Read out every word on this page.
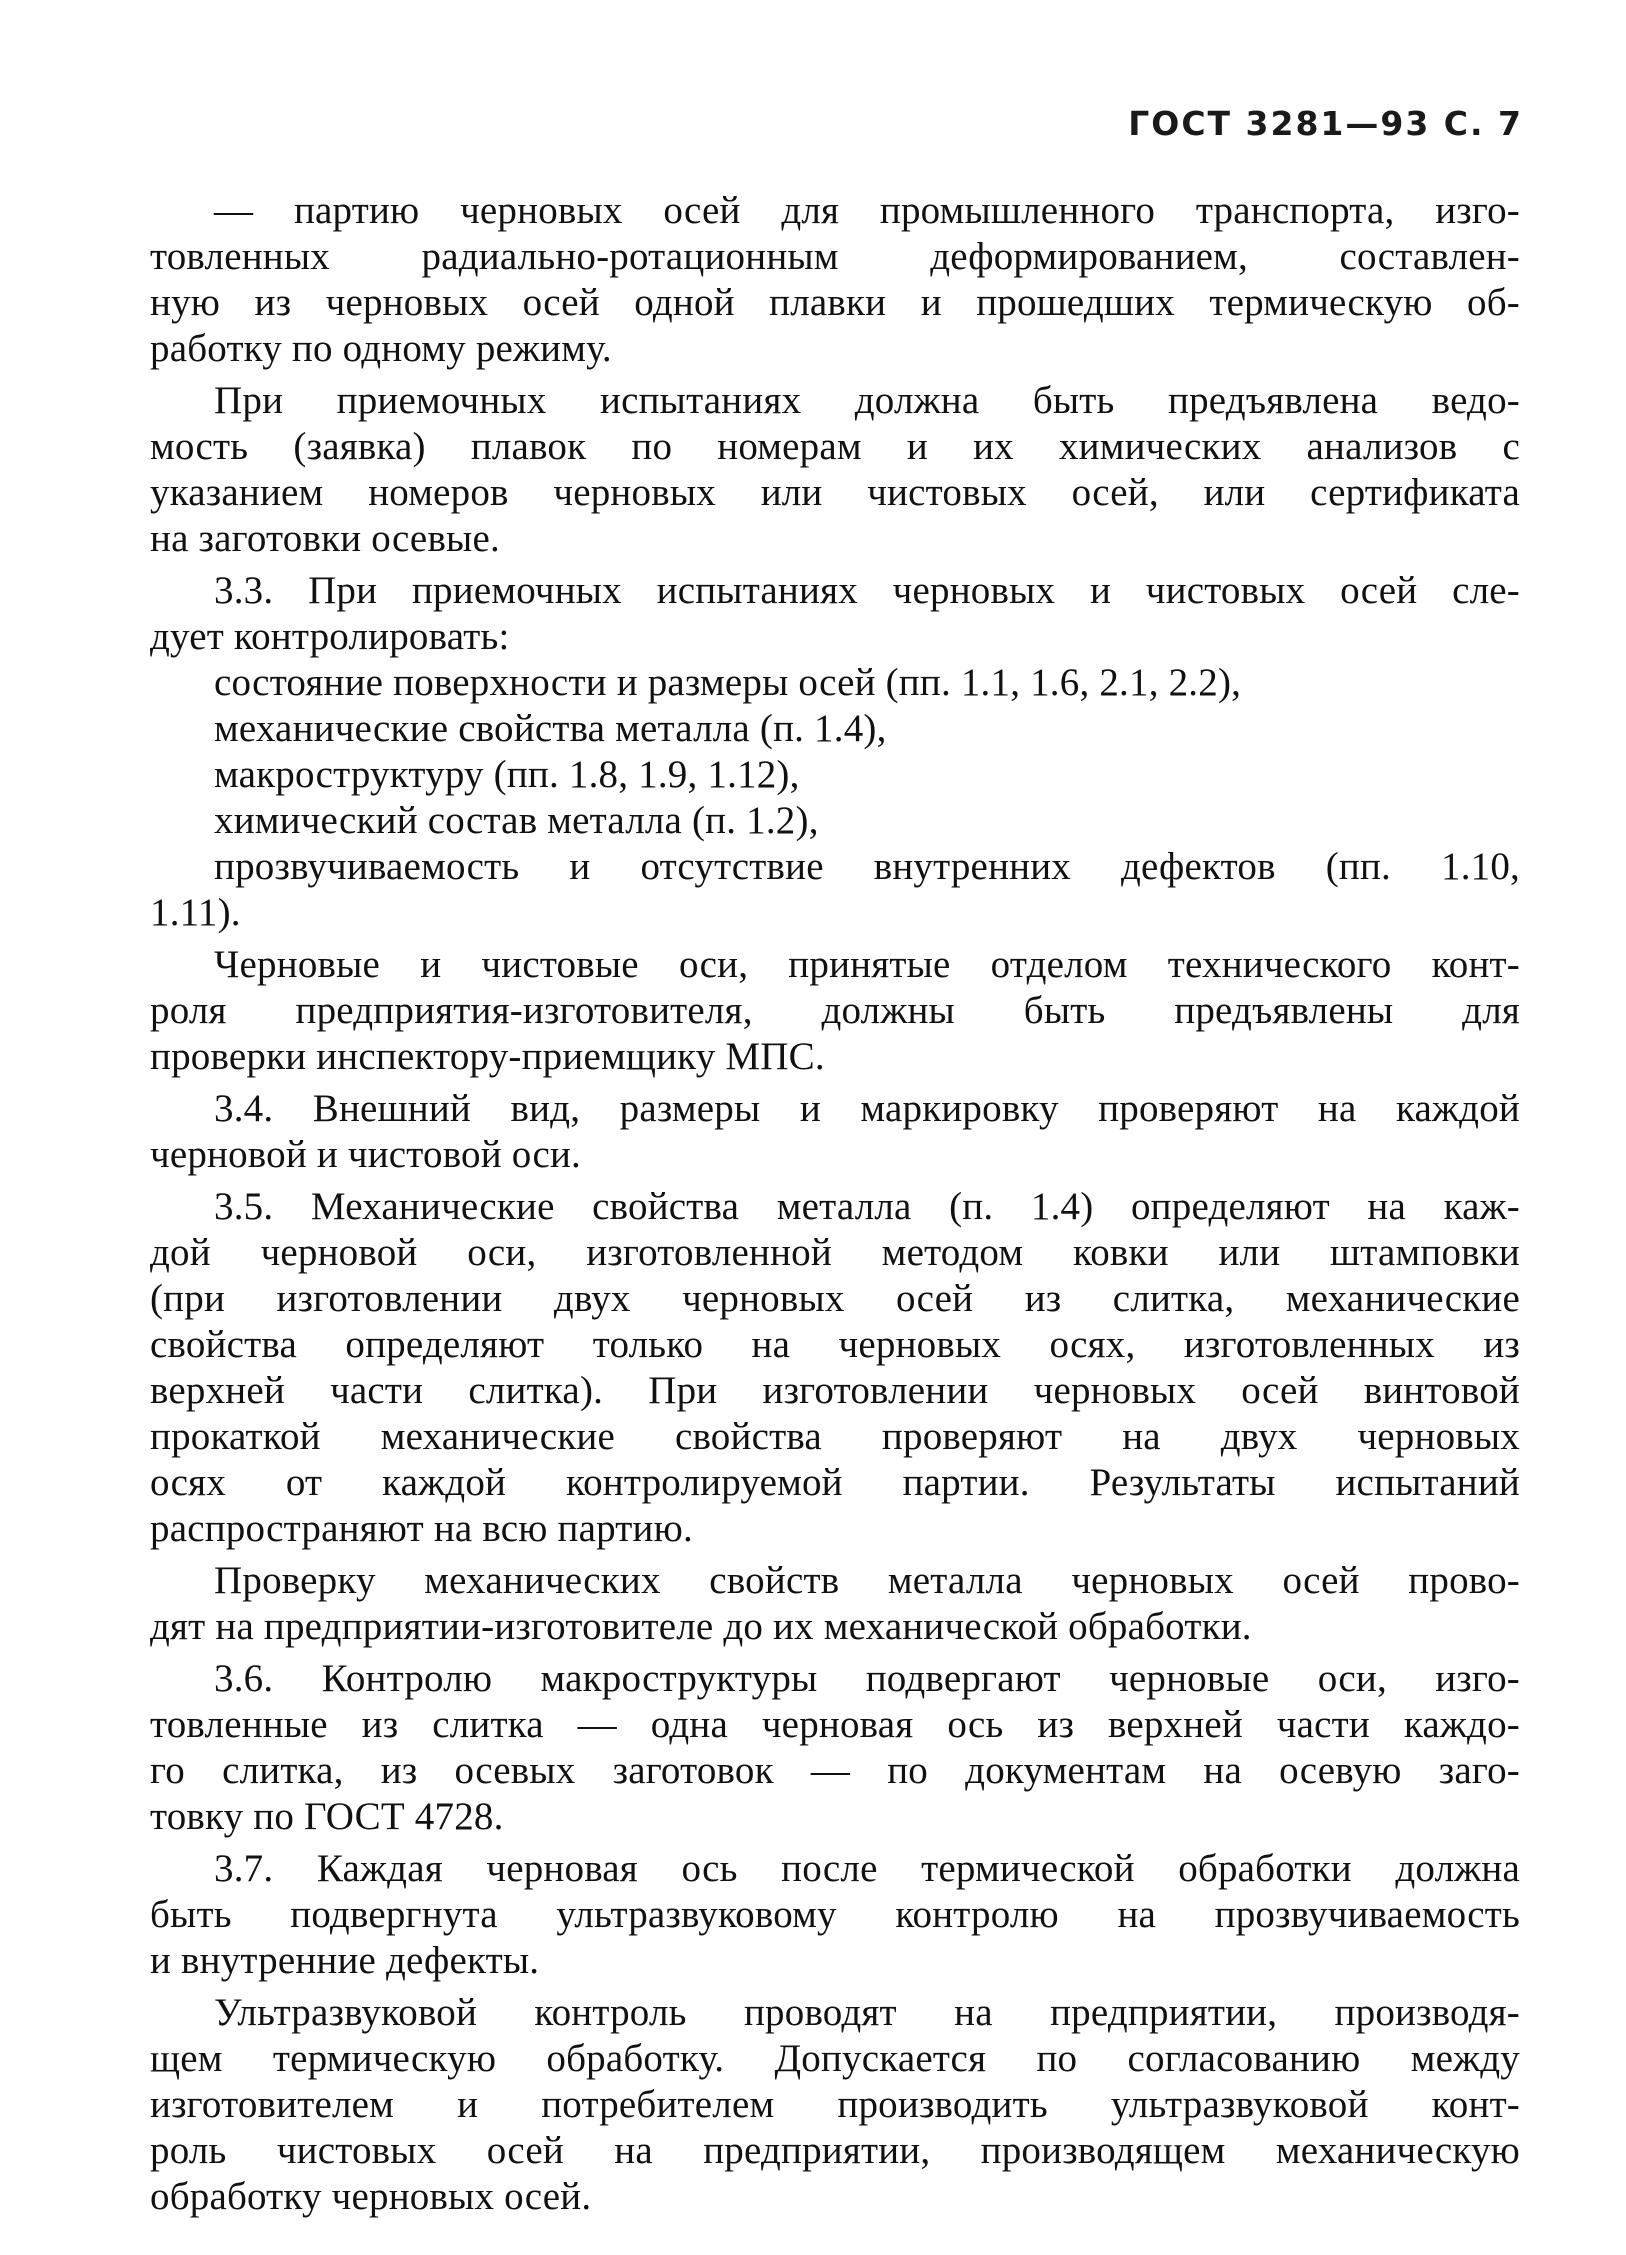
ГОСТ 3281—93 С. 7
— партию черновых осей для промышленного транспорта, изго-
товленных радиально-ротационным деформированием, составлен-
ную из черновых осей одной плавки и прошедших термическую об-
работку по одному режиму.
При приемочных испытаниях должна быть предъявлена ведо-
мость (заявка) плавок по номерам и их химических анализов с
указанием номеров черновых или чистовых осей, или сертификата
на заготовки осевые.
3.3. При приемочных испытаниях черновых и чистовых осей сле-
дует контролировать:
состояние поверхности и размеры осей (пп. 1.1, 1.6, 2.1, 2.2),
механические свойства металла (п. 1.4),
макроструктуру (пп. 1.8, 1.9, 1.12),
химический состав металла (п. 1.2),
прозвучиваемость и отсутствие внутренних дефектов (пп. 1.10,
1.11).
Черновые и чистовые оси, принятые отделом технического конт-
роля предприятия-изготовителя, должны быть предъявлены для
проверки инспектору-приемщику МПС.
3.4. Внешний вид, размеры и маркировку проверяют на каждой
черновой и чистовой оси.
3.5. Механические свойства металла (п. 1.4) определяют на каж-
дой черновой оси, изготовленной методом ковки или штамповки
(при изготовлении двух черновых осей из слитка, механические
свойства определяют только на черновых осях, изготовленных из
верхней части слитка). При изготовлении черновых осей винтовой
прокаткой механические свойства проверяют на двух черновых
осях от каждой контролируемой партии. Результаты испытаний
распространяют на всю партию.
Проверку механических свойств металла черновых осей прово-
дят на предприятии-изготовителе до их механической обработки.
3.6. Контролю макроструктуры подвергают черновые оси, изго-
товленные из слитка — одна черновая ось из верхней части каждо-
го слитка, из осевых заготовок — по документам на осевую заго-
товку по ГОСТ 4728.
3.7. Каждая черновая ось после термической обработки должна
быть подвергнута ультразвуковому контролю на прозвучиваемость
и внутренние дефекты.
Ультразвуковой контроль проводят на предприятии, производя-
щем термическую обработку. Допускается по согласованию между
изготовителем и потребителем производить ультразвуковой конт-
роль чистовых осей на предприятии, производящем механическую
обработку черновых осей.
